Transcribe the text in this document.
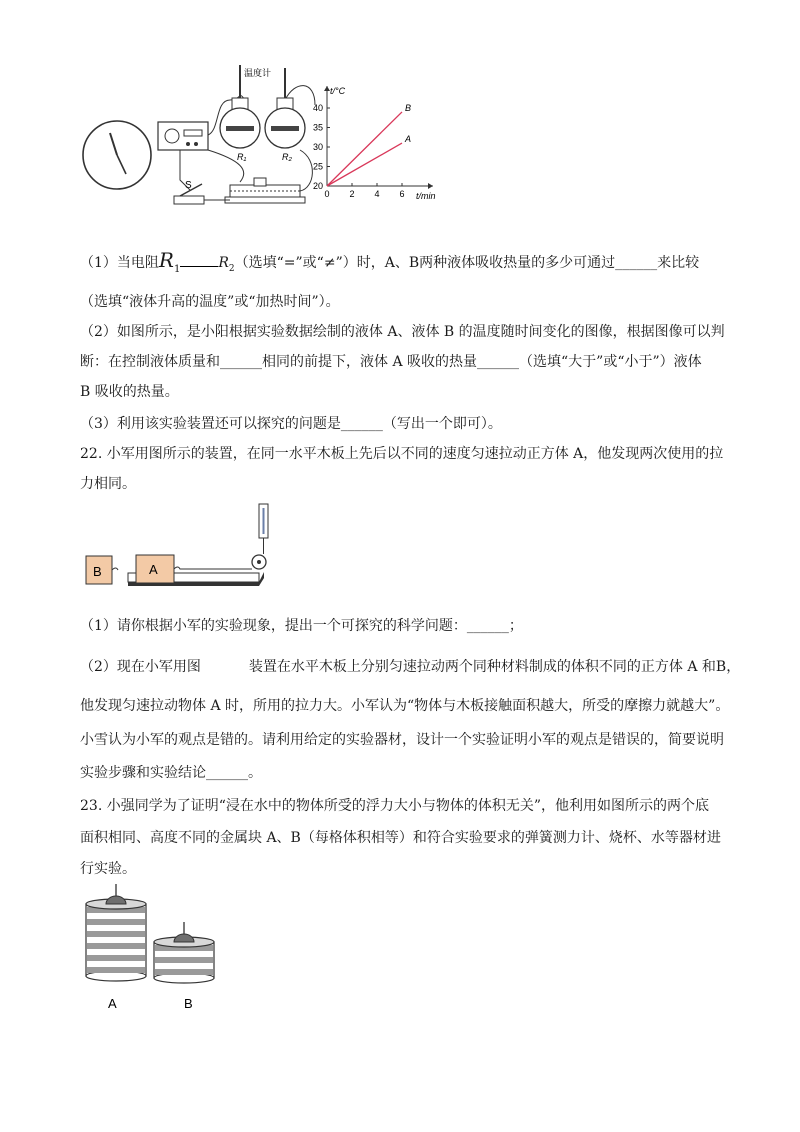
温度计
R₁	R₂
S	20
25
30
35
40
0 2 4 6
t/°C
t/min
A
B
（1）当电阻$R_1$	$R_2$（选填“=”或“≠”）时，A、B两种液体吸收热量的多少可通过______来比较
（选填“液体升高的温度”或“加热时间”）。
（2）如图所示，是小阳根据实验数据绘制的液体 A、液体 B 的温度随时间变化的图像，根据图像可以判
断：在控制液体质量和______相同的前提下，液体 A 吸收的热量______（选填“大于”或“小于”）液体
B 吸收的热量。
（3）利用该实验装置还可以探究的问题是______（写出一个即可）。
22. 小军用图所示的装置，在同一水平木板上先后以不同的速度匀速拉动正方体 A，他发现两次使用的拉
力相同。
B	A
（1）请你根据小军的实验现象，提出一个可探究的科学问题：______；
（2）现在小军用图	装置在水平木板上分别匀速拉动两个同种材料制成的体积不同的正方体 A 和B，
他发现匀速拉动物体 A 时，所用的拉力大。小军认为“物体与木板接触面积越大，所受的摩擦力就越大”。
小雪认为小军的观点是错的。请利用给定的实验器材，设计一个实验证明小军的观点是错误的，简要说明
实验步骤和实验结论______。
23. 小强同学为了证明“浸在水中的物体所受的浮力大小与物体的体积无关”，他利用如图所示的两个底
面积相同、高度不同的金属块 A、B（每格体积相等）和符合实验要求的弹簧测力计、烧杯、水等器材进
行实验。
A	B
